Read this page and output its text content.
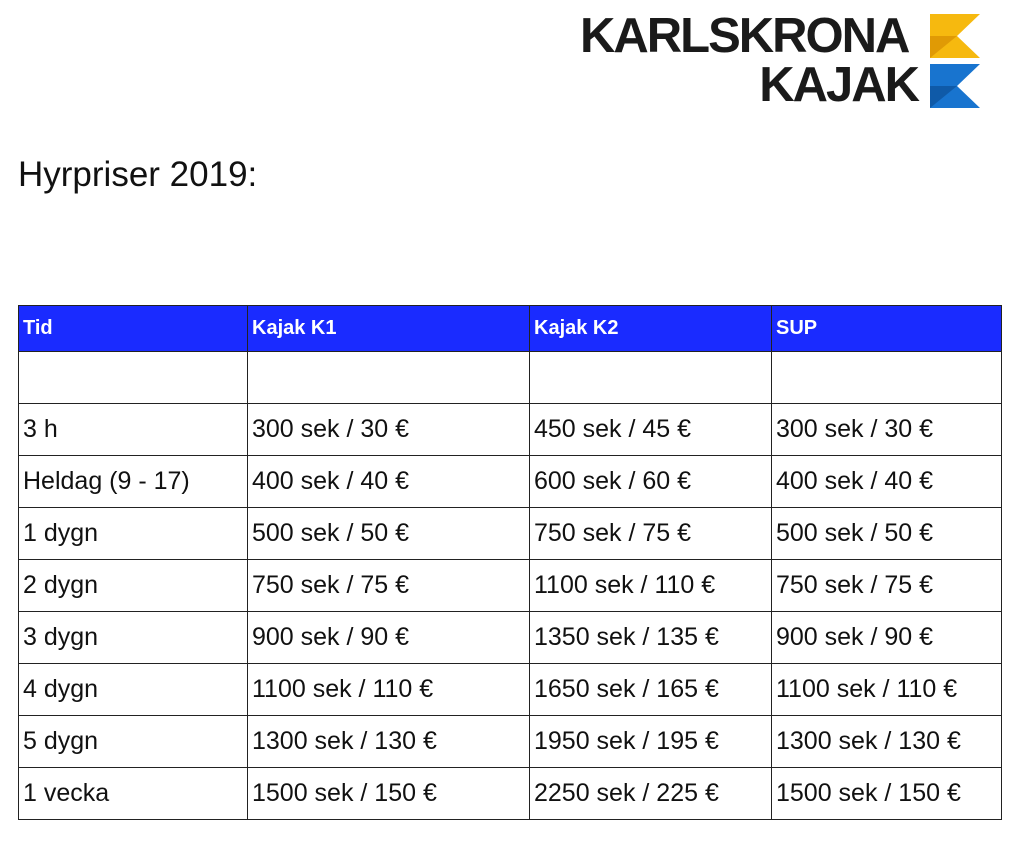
KARLSKRONA
KAJAK
Hyrpriser 2019:
Tid	Kajak K1	Kajak K2	SUP

3 h	300 sek / 30 €	450 sek / 45 €	300 sek / 30 €
Heldag (9 - 17)	400 sek / 40 €	600 sek / 60 €	400 sek / 40 €
1 dygn	500 sek / 50 €	750 sek / 75 €	500 sek / 50 €
2 dygn	750 sek / 75 €	1100 sek / 110 €	750 sek / 75 €
3 dygn	900 sek / 90 €	1350 sek / 135 €	900 sek / 90 €
4 dygn	1100 sek / 110 €	1650 sek / 165 €	1100 sek / 110 €
5 dygn	1300 sek / 130 €	1950 sek / 195 €	1300 sek / 130 €
1 vecka	1500 sek / 150 €	2250 sek / 225 €	1500 sek / 150 €
